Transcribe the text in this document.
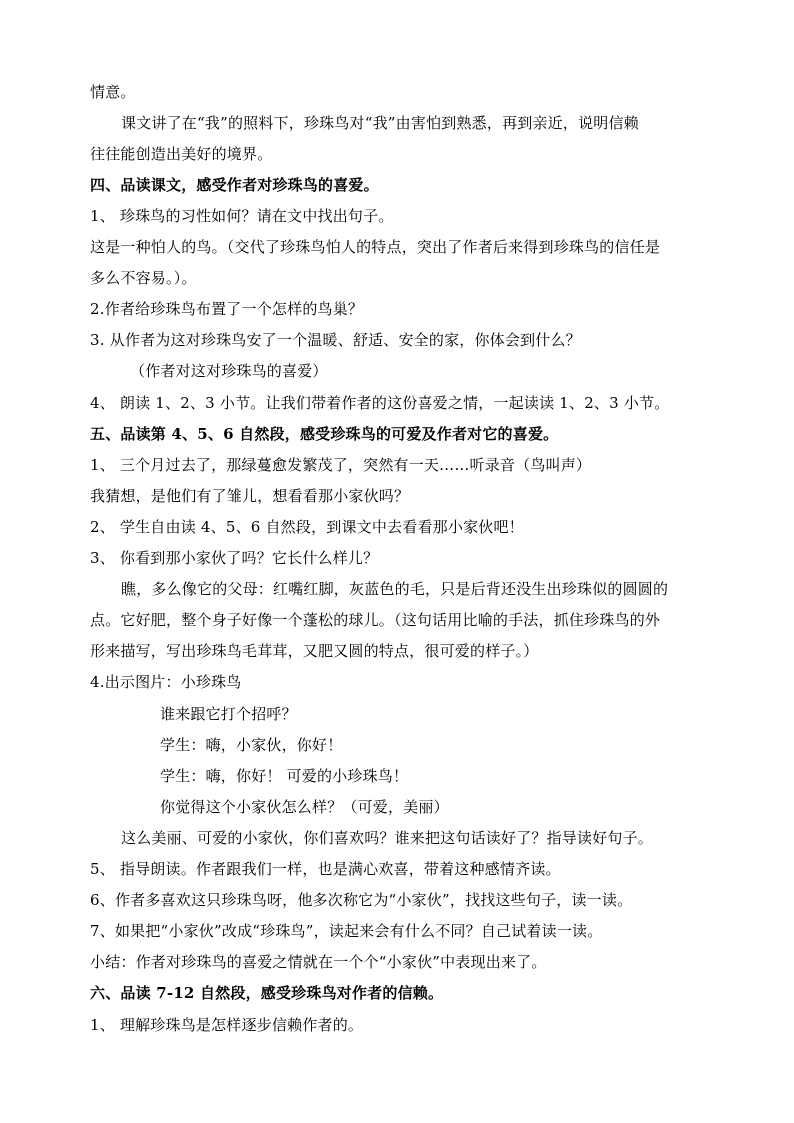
情意。
课文讲了在“我”的照料下，珍珠鸟对“我”由害怕到熟悉，再到亲近，说明信赖
往往能创造出美好的境界。
四、品读课文，感受作者对珍珠鸟的喜爱。
1、 珍珠鸟的习性如何？请在文中找出句子。
这是一种怕人的鸟。（交代了珍珠鸟怕人的特点，突出了作者后来得到珍珠鸟的信任是
多么不容易。）。
2.作者给珍珠鸟布置了一个怎样的鸟巢？
3. 从作者为这对珍珠鸟安了一个温暖、舒适、安全的家，你体会到什么？
（作者对这对珍珠鸟的喜爱）
4、 朗读 1、2、3 小节。让我们带着作者的这份喜爱之情，一起读读 1、2、3 小节。
五、品读第 4、5、6 自然段，感受珍珠鸟的可爱及作者对它的喜爱。
1、 三个月过去了，那绿蔓愈发繁茂了，突然有一天……听录音（鸟叫声）
我猜想，是他们有了雏儿，想看看那小家伙吗？
2、 学生自由读 4、5、6 自然段，到课文中去看看那小家伙吧！
3、 你看到那小家伙了吗？它长什么样儿？
瞧，多么像它的父母：红嘴红脚，灰蓝色的毛，只是后背还没生出珍珠似的圆圆的
点。它好肥，整个身子好像一个蓬松的球儿。（这句话用比喻的手法，抓住珍珠鸟的外
形来描写，写出珍珠鸟毛茸茸，又肥又圆的特点，很可爱的样子。）
4.出示图片：小珍珠鸟
谁来跟它打个招呼？
学生：嗨，小家伙，你好！
学生：嗨，你好！ 可爱的小珍珠鸟！
你觉得这个小家伙怎么样？（可爱，美丽）
这么美丽、可爱的小家伙，你们喜欢吗？谁来把这句话读好了？指导读好句子。
5、 指导朗读。作者跟我们一样，也是满心欢喜，带着这种感情齐读。
6、作者多喜欢这只珍珠鸟呀，他多次称它为“小家伙”，找找这些句子，读一读。
7、如果把“小家伙”改成“珍珠鸟”，读起来会有什么不同？自己试着读一读。
小结：作者对珍珠鸟的喜爱之情就在一个个“小家伙”中表现出来了。
六、品读 7-12 自然段，感受珍珠鸟对作者的信赖。
1、 理解珍珠鸟是怎样逐步信赖作者的。
